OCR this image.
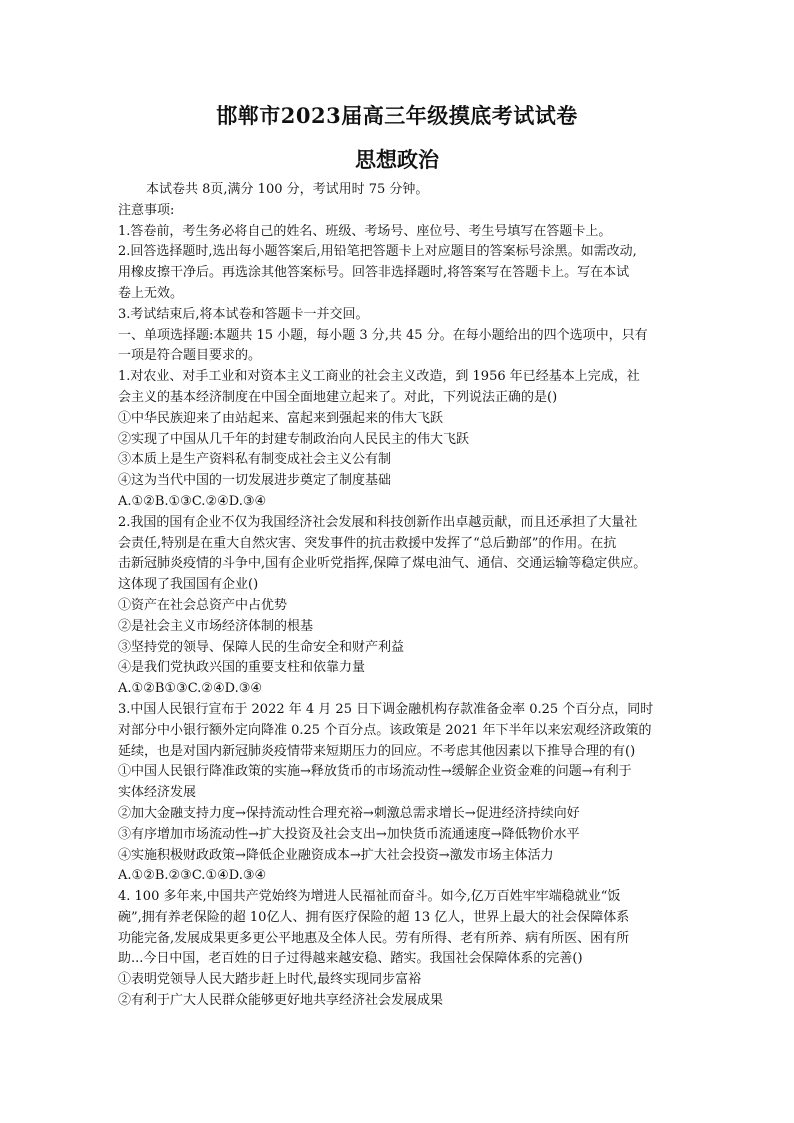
邯郸市2023届高三年级摸底考试试卷
思想政治
本试卷共 8页,满分 100 分，考试用时 75 分钟。
注意事项:
1.答卷前，考生务必将自己的姓名、班级、考场号、座位号、考生号填写在答题卡上。
2.回答选择题时,选出每小题答案后,用铅笔把答题卡上对应题目的答案标号涂黑。如需改动,
用橡皮擦干净后。再选涂其他答案标号。回答非选择题时,将答案写在答题卡上。写在本试
卷上无效。
3.考试结束后,将本试卷和答题卡一并交回。
一、单项选择题:本题共 15 小题，每小题 3 分,共 45 分。在每小题给出的四个选项中，只有
一项是符合题目要求的。
1.对农业、对手工业和对资本主义工商业的社会主义改造，到 1956 年已经基本上完成，社
会主义的基本经济制度在中国全面地建立起来了。对此，下列说法正确的是()
①中华民族迎来了由站起来、富起来到强起来的伟大飞跃
②实现了中国从几千年的封建专制政治向人民民主的伟大飞跃
③本质上是生产资料私有制变成社会主义公有制
④这为当代中国的一切发展进步奠定了制度基础
A.①②B.①③C.②④D.③④
2.我国的国有企业不仅为我国经济社会发展和科技创新作出卓越贡献，而且还承担了大量社
会责任,特别是在重大自然灾害、突发事件的抗击救援中发挥了“总后勤部”的作用。在抗
击新冠肺炎疫情的斗争中,国有企业听党指挥,保障了煤电油气、通信、交通运输等稳定供应。
这体现了我国国有企业()
①资产在社会总资产中占优势
②是社会主义市场经济体制的根基
③坚持党的领导、保障人民的生命安全和财产利益
④是我们党执政兴国的重要支柱和依靠力量
A.①②B①③C.②④D.③④
3.中国人民银行宣布于 2022 年 4 月 25 日下调金融机构存款准备金率 0.25 个百分点，同时
对部分中小银行额外定向降准 0.25 个百分点。该政策是 2021 年下半年以来宏观经济政策的
延续，也是对国内新冠肺炎疫情带来短期压力的回应。不考虑其他因素以下推导合理的有()
①中国人民银行降准政策的实施→释放货币的市场流动性→缓解企业资金难的问题→有利于
实体经济发展
②加大金融支持力度→保持流动性合理充裕→刺激总需求增长→促进经济持续向好
③有序增加市场流动性→扩大投资及社会支出→加快货币流通速度→降低物价水平
④实施积极财政政策→降低企业融资成本→扩大社会投资→激发市场主体活力
A.①②B.②③C.①④D.③④
4. 100 多年来,中国共产党始终为增进人民福祉而奋斗。如今,亿万百姓牢牢端稳就业“饭
碗”,拥有养老保险的超 10亿人、拥有医疗保险的超 13 亿人，世界上最大的社会保障体系
功能完备,发展成果更多更公平地惠及全体人民。劳有所得、老有所养、病有所医、困有所
助...今日中国，老百姓的日子过得越来越安稳、踏实。我国社会保障体系的完善()
①表明党领导人民大踏步赶上时代,最终实现同步富裕
②有利于广大人民群众能够更好地共享经济社会发展成果
